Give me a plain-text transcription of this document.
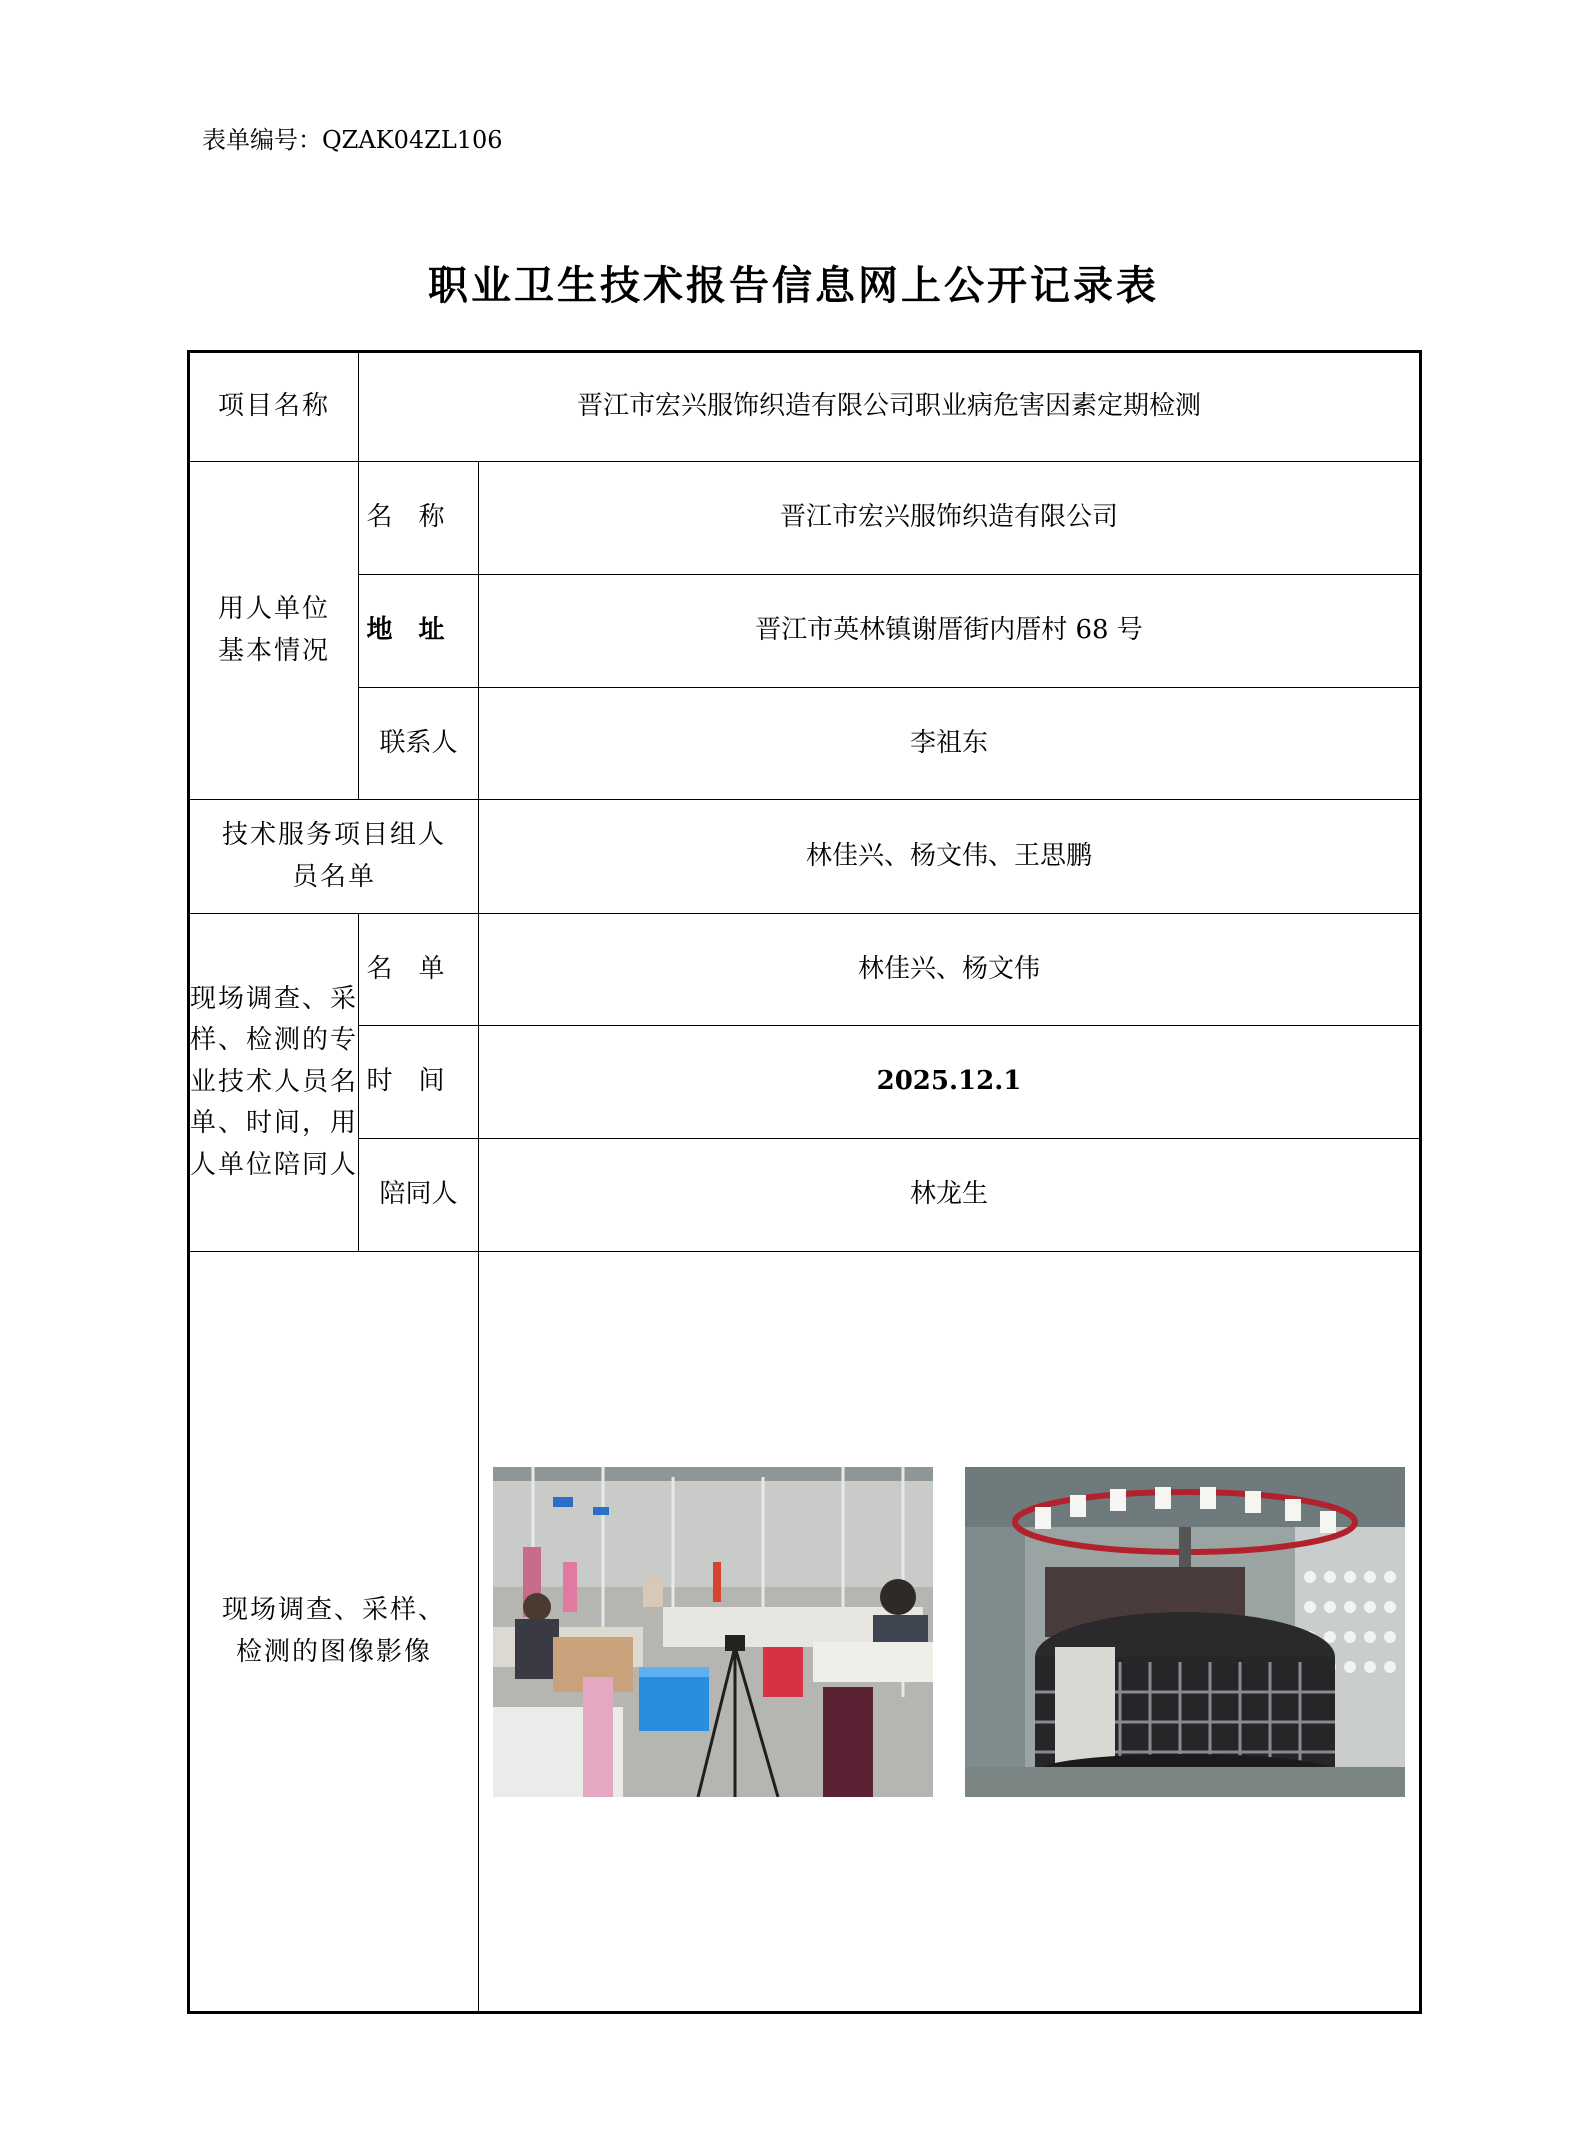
表单编号：QZAK04ZL106
职业卫生技术报告信息网上公开记录表
项目名称	晋江市宏兴服饰织造有限公司职业病危害因素定期检测	
用人单位基本情况	名称	晋江市宏兴服饰织造有限公司
	地址	晋江市英林镇谢厝街内厝村 68 号
	联系人	李祖东
技术服务项目组人员名单		林佳兴、杨文伟、王思鹏
现场调查、采样、检测的专业技术人员名单、时间，用人单位陪同人	名单	林佳兴、杨文伟
	时间	2025.12.1
	陪同人	林龙生
现场调查、采样、检测的图像影像	
